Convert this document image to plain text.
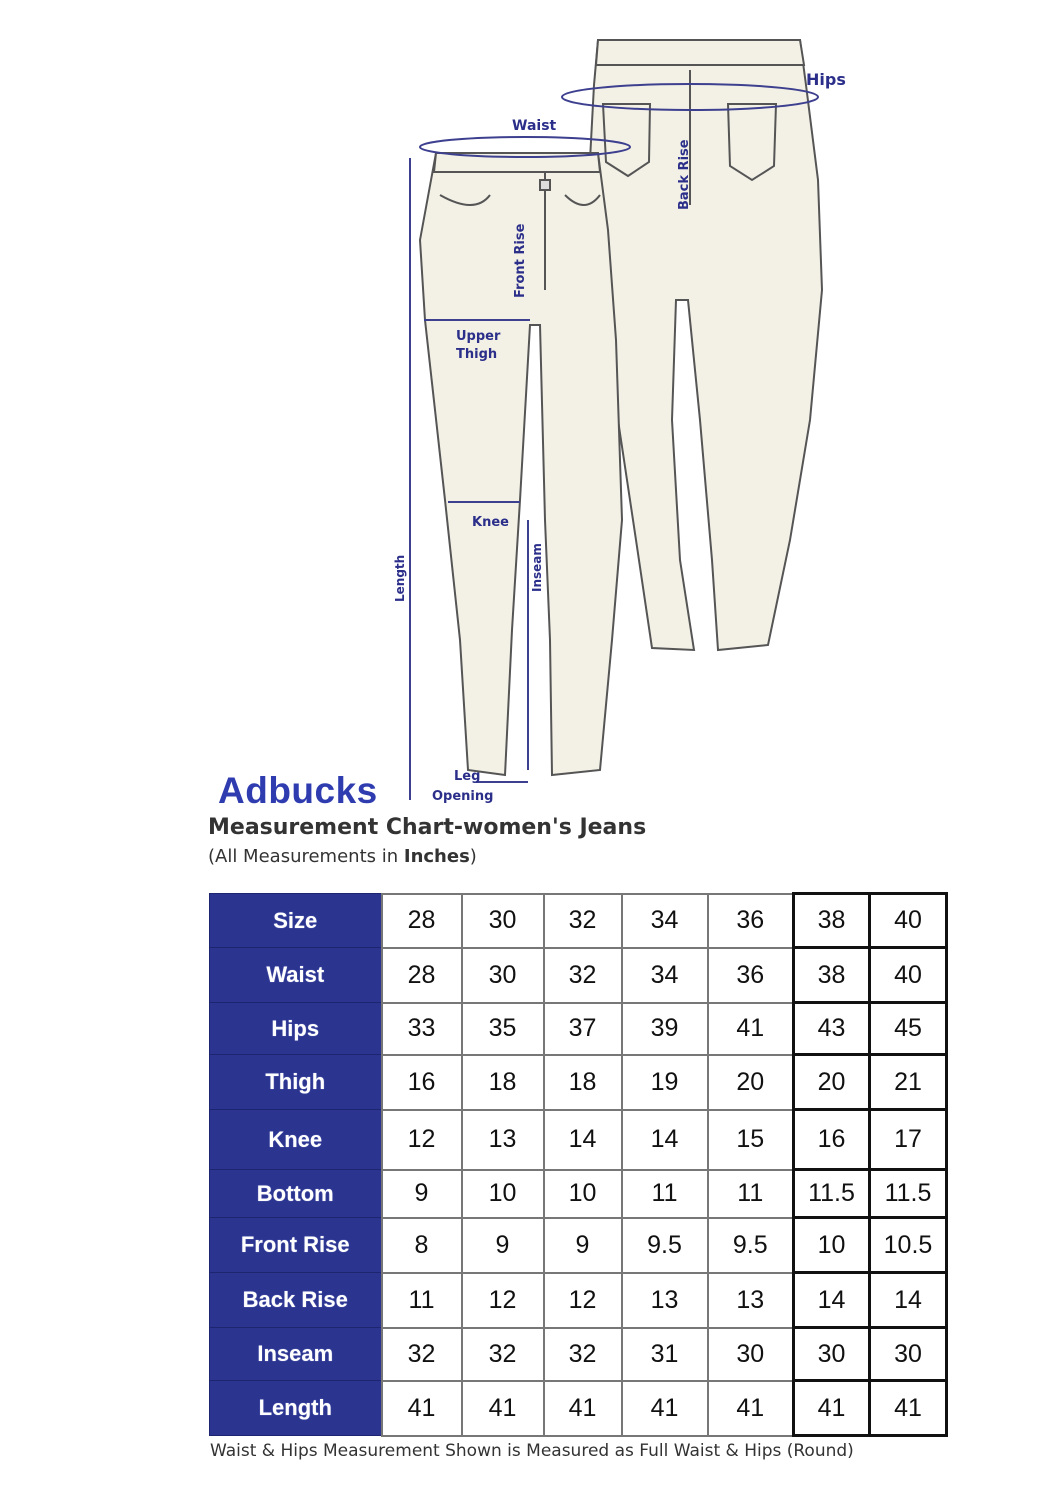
Hips
Waist
Back Rise
Front Rise
Upper
Thigh
Knee
Length	Inseam
Leg
Opening
Adbucks
Measurement Chart-women's Jeans

(All Measurements in Inches)

Size	28	30	32	34	36	38	40
Waist	28	30	32	34	36	38	40
Hips	33	35	37	39	41	43	45
Thigh	16	18	18	19	20	20	21
Knee	12	13	14	14	15	16	17
Bottom	9	10	10	11	11	11.5	11.5
Front Rise	8	9	9	9.5	9.5	10	10.5
Back Rise	11	12	12	13	13	14	14
Inseam	32	32	32	31	30	30	30
Length	41	41	41	41	41	41	41

Waist & Hips Measurement Shown is Measured as Full Waist & Hips (Round)
